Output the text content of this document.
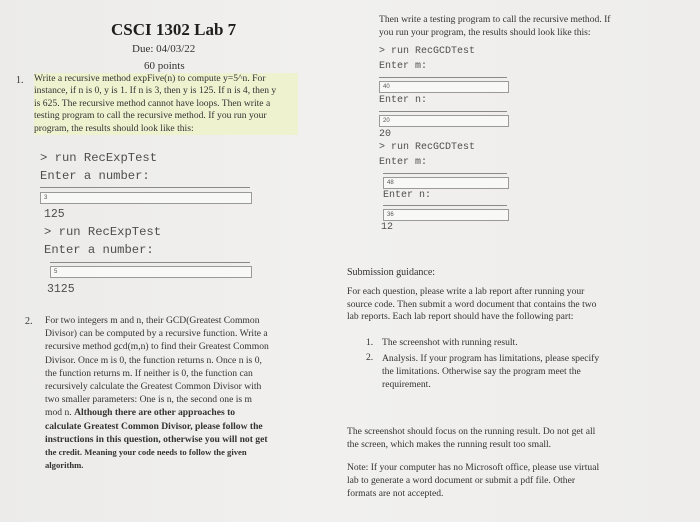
CSCI 1302 Lab 7
Due: 04/03/22
60 points
1. Write a recursive method expFive(n) to compute y=5^n. For
instance, if n is 0, y is 1. If n is 3, then y is 125. If n is 4, then y
is 625. The recursive method cannot have loops. Then write a
testing program to call the recursive method. If you run your
program, the results should look like this:
> run RecExpTest
Enter a number:
3
125
> run RecExpTest
Enter a number:
5
3125
2. For two integers m and n, their GCD(Greatest Common
Divisor) can be computed by a recursive function. Write a
recursive method gcd(m,n) to find their Greatest Common
Divisor. Once m is 0, the function returns n. Once n is 0,
the function returns m. If neither is 0, the function can
recursively calculate the Greatest Common Divisor with
two smaller parameters: One is n, the second one is m
mod n. Although there are other approaches to
calculate Greatest Common Divisor, please follow the
instructions in this question, otherwise you will not get
the credit. Meaning your code needs to follow the given
algorithm.
Then write a testing program to call the recursive method. If
you run your program, the results should look like this:
> run RecGCDTest
Enter m:
40
Enter n:
20
20
> run RecGCDTest
Enter m:
48
Enter n:
36
12
Submission guidance:
For each question, please write a lab report after running your
source code. Then submit a word document that contains the two
lab reports. Each lab report should have the following part:
1. The screenshot with running result.
2. Analysis. If your program has limitations, please specify
the limitations. Otherwise say the program meet the
requirement.
The screenshot should focus on the running result. Do not get all
the screen, which makes the running result too small.
Note: If your computer has no Microsoft office, please use virtual
lab to generate a word document or submit a pdf file. Other
formats are not accepted.
